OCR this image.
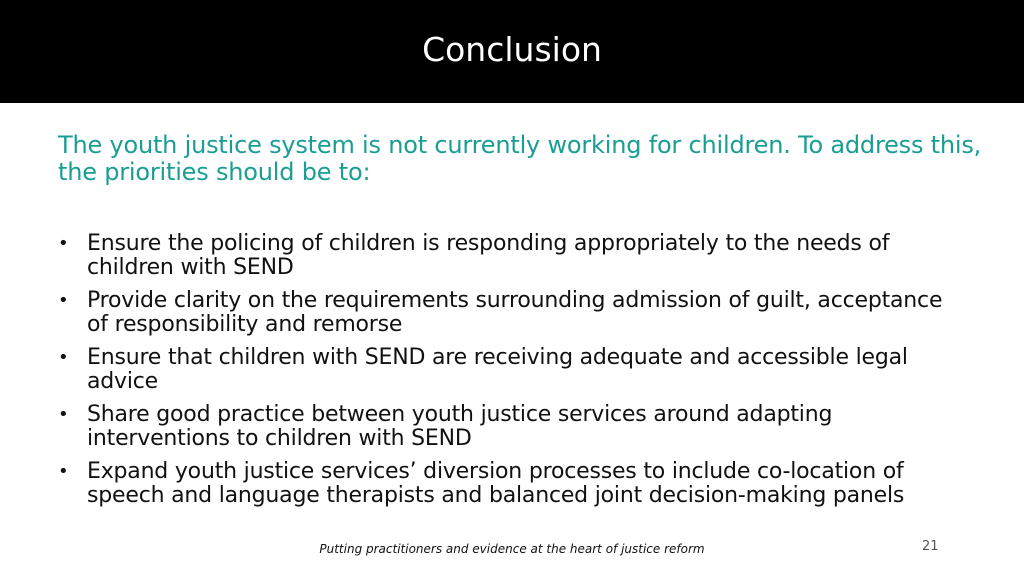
Conclusion
The youth justice system is not currently working for children. To address this, the priorities should be to:
• Ensure the policing of children is responding appropriately to the needs of children with SEND
• Provide clarity on the requirements surrounding admission of guilt, acceptance of responsibility and remorse
• Ensure that children with SEND are receiving adequate and accessible legal advice
• Share good practice between youth justice services around adapting interventions to children with SEND
• Expand youth justice services’ diversion processes to include co-location of speech and language therapists and balanced joint decision-making panels
Putting practitioners and evidence at the heart of justice reform	21
